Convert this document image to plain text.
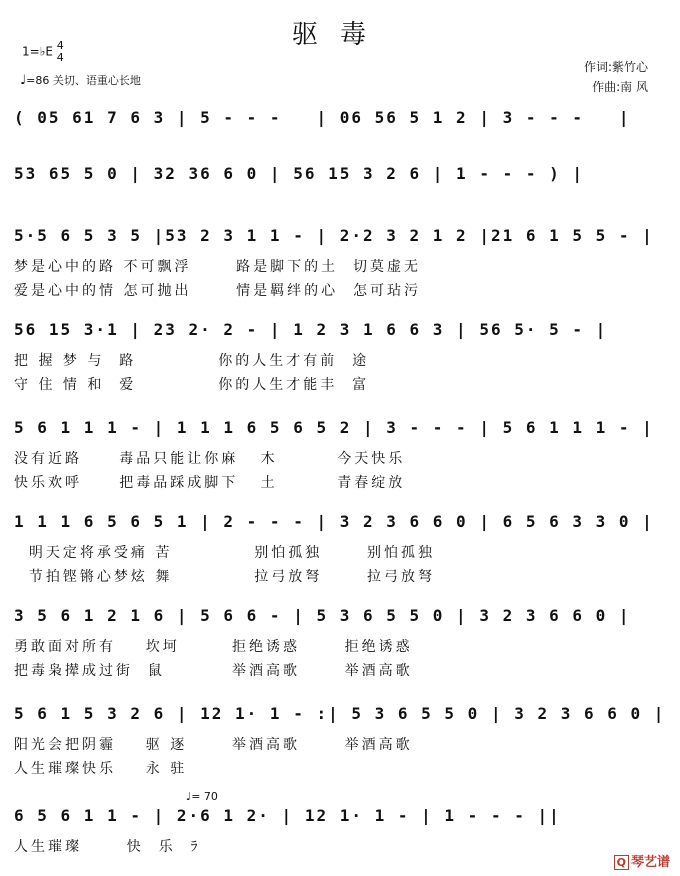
驱毒
1=♭E 4
4
♩=86 关切、语重心长地
作词:紫竹心
作曲:南 风
( 05 61 7 6 3 | 5 - - -   | 06 56 5 1 2 | 3 - - -   |
53 65 5 0 | 32 36 6 0 | 56 15 3 2 6 | 1 - - - ) |
5·5 6 5 3 5 |53 2 3 1 1 - | 2·2 3 2 1 2 |21 6 1 5 5 - |
梦是心中的路 不可飘浮      路是脚下的土  切莫虚无
爱是心中的情 怎可抛出      情是羁绊的心  怎可玷污
56 15 3·1 | 23 2· 2 - | 1 2 3 1 6 6 3 | 56 5· 5 - |
把 握 梦 与  路           你的人生才有前  途
守 住 情 和  爱           你的人生才能丰  富
5 6 1 1 1 - | 1 1 1 6 5 6 5 2 | 3 - - - | 5 6 1 1 1 - |
没有近路     毒品只能让你麻   木        今天快乐
快乐欢呼     把毒品踩成脚下   土        青春绽放
1 1 1 6 5 6 5 1 | 2 - - - | 3 2 3 6 6 0 | 6 5 6 3 3 0 |
明天定将承受痛 苦           别怕孤独      别怕孤独
节拍铿锵心梦炫 舞           拉弓放弩      拉弓放弩
3 5 6 1 2 1 6 | 5 6 6 - | 5 3 6 5 5 0 | 3 2 3 6 6 0 |
勇敢面对所有    坎坷       拒绝诱惑      拒绝诱惑
把毒枭撵成过街  鼠         举酒高歌      举酒高歌
5 6 1 5 3 2 6 | 12 1· 1 - :| 5 3 6 5 5 0 | 3 2 3 6 6 0 |
阳光会把阴霾    驱 逐      举酒高歌      举酒高歌
人生璀璨快乐    永 驻
6 5 6 1 1 - | 2·6 1 2· | 12 1· 1 - | 1 - - - ||
人生璀璨      快  乐  ﾗ
♩= 70
Q 琴艺谱
